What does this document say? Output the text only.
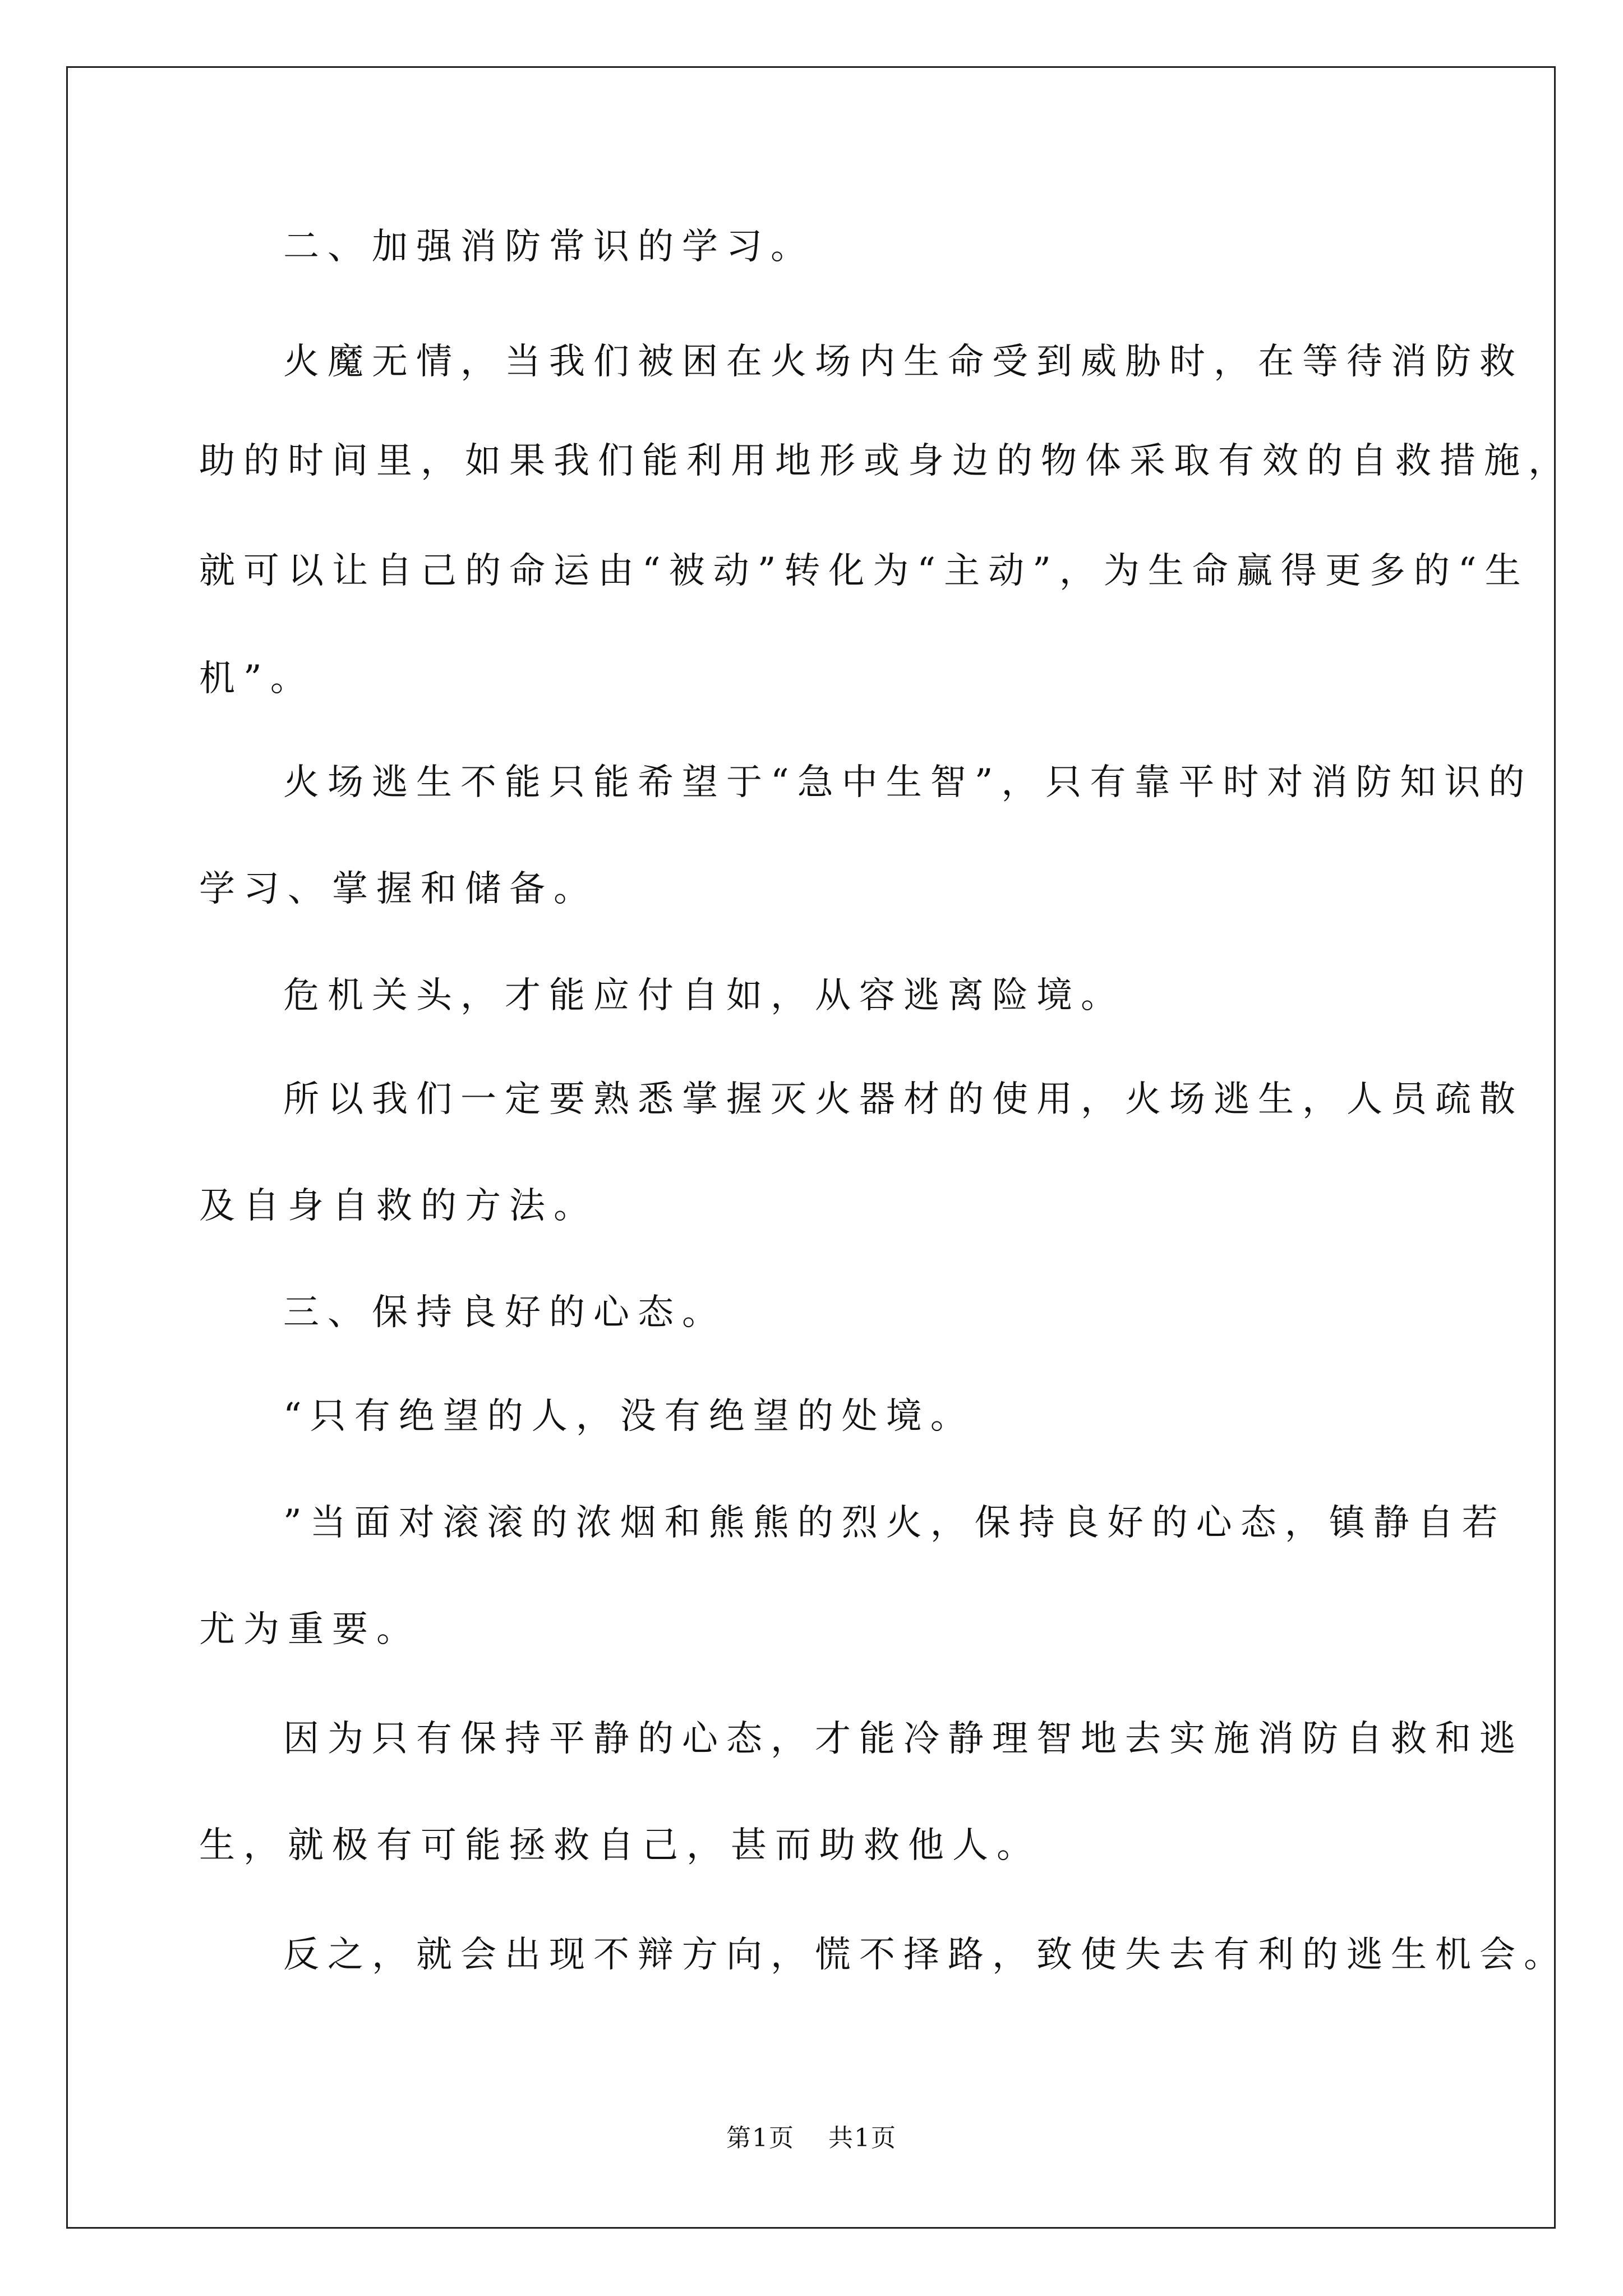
二、加强消防常识的学习。
火魔无情，当我们被困在火场内生命受到威胁时，在等待消防救
助的时间里，如果我们能利用地形或身边的物体采取有效的自救措施，
就可以让自己的命运由“被动”转化为“主动”，为生命赢得更多的“生
机”。
火场逃生不能只能希望于“急中生智”，只有靠平时对消防知识的
学习、掌握和储备。
危机关头，才能应付自如，从容逃离险境。
所以我们一定要熟悉掌握灭火器材的使用，火场逃生，人员疏散
及自身自救的方法。
三、保持良好的心态。
“只有绝望的人，没有绝望的处境。
”当面对滚滚的浓烟和熊熊的烈火，保持良好的心态，镇静自若
尤为重要。
因为只有保持平静的心态，才能冷静理智地去实施消防自救和逃
生，就极有可能拯救自己，甚而助救他人。
反之，就会出现不辩方向，慌不择路，致使失去有利的逃生机会。
第1页 共1页
